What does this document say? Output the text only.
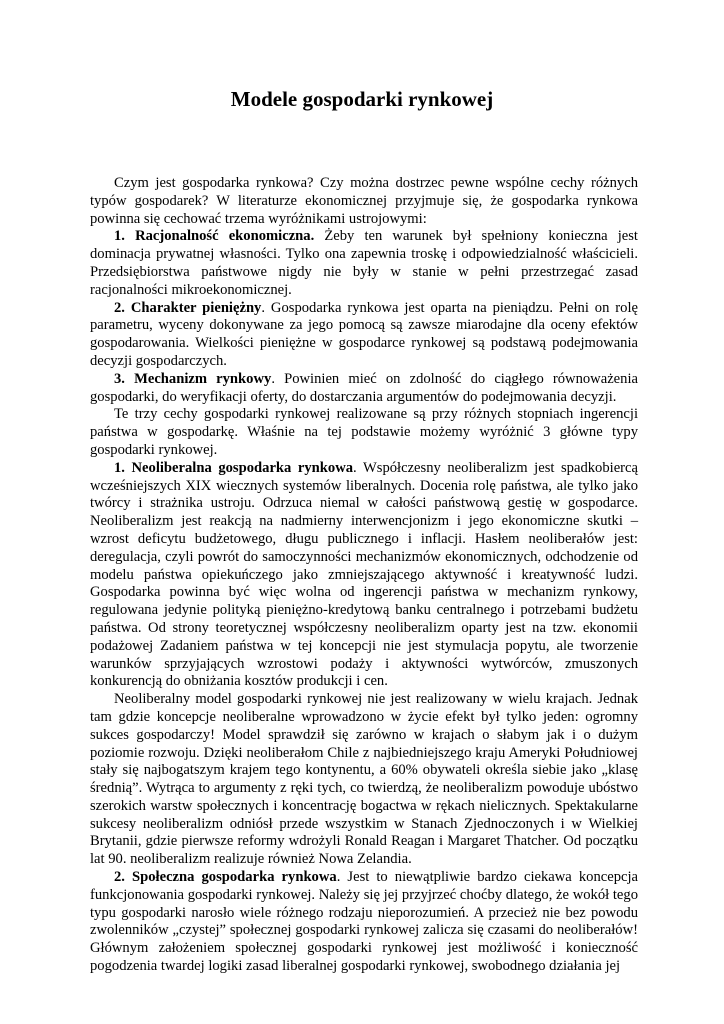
Modele gospodarki rynkowej

Czym jest gospodarka rynkowa? Czy można dostrzec pewne wspólne cechy różnych typów gospodarek? W literaturze ekonomicznej przyjmuje się, że gospodarka rynkowa powinna się cechować trzema wyróżnikami ustrojowymi:

1. Racjonalność ekonomiczna. Żeby ten warunek był spełniony konieczna jest dominacja prywatnej własności. Tylko ona zapewnia troskę i odpowiedzialność właścicieli. Przedsiębiorstwa państwowe nigdy nie były w stanie w pełni przestrzegać zasad racjonalności mikroekonomicznej.

2. Charakter pieniężny. Gospodarka rynkowa jest oparta na pieniądzu. Pełni on rolę parametru, wyceny dokonywane za jego pomocą są zawsze miarodajne dla oceny efektów gospodarowania. Wielkości pieniężne w gospodarce rynkowej są podstawą podejmowania decyzji gospodarczych.

3. Mechanizm rynkowy. Powinien mieć on zdolność do ciągłego równoważenia gospodarki, do weryfikacji oferty, do dostarczania argumentów do podejmowania decyzji.

Te trzy cechy gospodarki rynkowej realizowane są przy różnych stopniach ingerencji państwa w gospodarkę. Właśnie na tej podstawie możemy wyróżnić 3 główne typy gospodarki rynkowej.

1. Neoliberalna gospodarka rynkowa. Współczesny neoliberalizm jest spadkobiercą wcześniejszych XIX wiecznych systemów liberalnych. Docenia rolę państwa, ale tylko jako twórcy i strażnika ustroju. Odrzuca niemal w całości państwową gestię w gospodarce. Neoliberalizm jest reakcją na nadmierny interwencjonizm i jego ekonomiczne skutki – wzrost deficytu budżetowego, długu publicznego i inflacji. Hasłem neoliberałów jest: deregulacja, czyli powrót do samoczynności mechanizmów ekonomicznych, odchodzenie od modelu państwa opiekuńczego jako zmniejszającego aktywność i kreatywność ludzi. Gospodarka powinna być więc wolna od ingerencji państwa w mechanizm rynkowy, regulowana jedynie polityką pieniężno-kredytową banku centralnego i potrzebami budżetu państwa. Od strony teoretycznej współczesny neoliberalizm oparty jest na tzw. ekonomii podażowej Zadaniem państwa w tej koncepcji nie jest stymulacja popytu, ale tworzenie warunków sprzyjających wzrostowi podaży i aktywności wytwórców, zmuszonych konkurencją do obniżania kosztów produkcji i cen.

Neoliberalny model gospodarki rynkowej nie jest realizowany w wielu krajach. Jednak tam gdzie koncepcje neoliberalne wprowadzono w życie efekt był tylko jeden: ogromny sukces gospodarczy! Model sprawdził się zarówno w krajach o słabym jak i o dużym poziomie rozwoju. Dzięki neoliberałom Chile z najbiedniejszego kraju Ameryki Południowej stały się najbogatszym krajem tego kontynentu, a 60% obywateli określa siebie jako „klasę średnią”. Wytrąca to argumenty z ręki tych, co twierdzą, że neoliberalizm powoduje ubóstwo szerokich warstw społecznych i koncentrację bogactwa w rękach nielicznych. Spektakularne sukcesy neoliberalizm odniósł przede wszystkim w Stanach Zjednoczonych i w Wielkiej Brytanii, gdzie pierwsze reformy wdrożyli Ronald Reagan i Margaret Thatcher. Od początku lat 90. neoliberalizm realizuje również Nowa Zelandia.

2. Społeczna gospodarka rynkowa. Jest to niewątpliwie bardzo ciekawa koncepcja funkcjonowania gospodarki rynkowej. Należy się jej przyjrzeć choćby dlatego, że wokół tego typu gospodarki narosło wiele różnego rodzaju nieporozumień. A przecież nie bez powodu zwolenników „czystej” społecznej gospodarki rynkowej zalicza się czasami do neoliberałów! Głównym założeniem społecznej gospodarki rynkowej jest możliwość i konieczność pogodzenia twardej logiki zasad liberalnej gospodarki rynkowej, swobodnego działania jej
